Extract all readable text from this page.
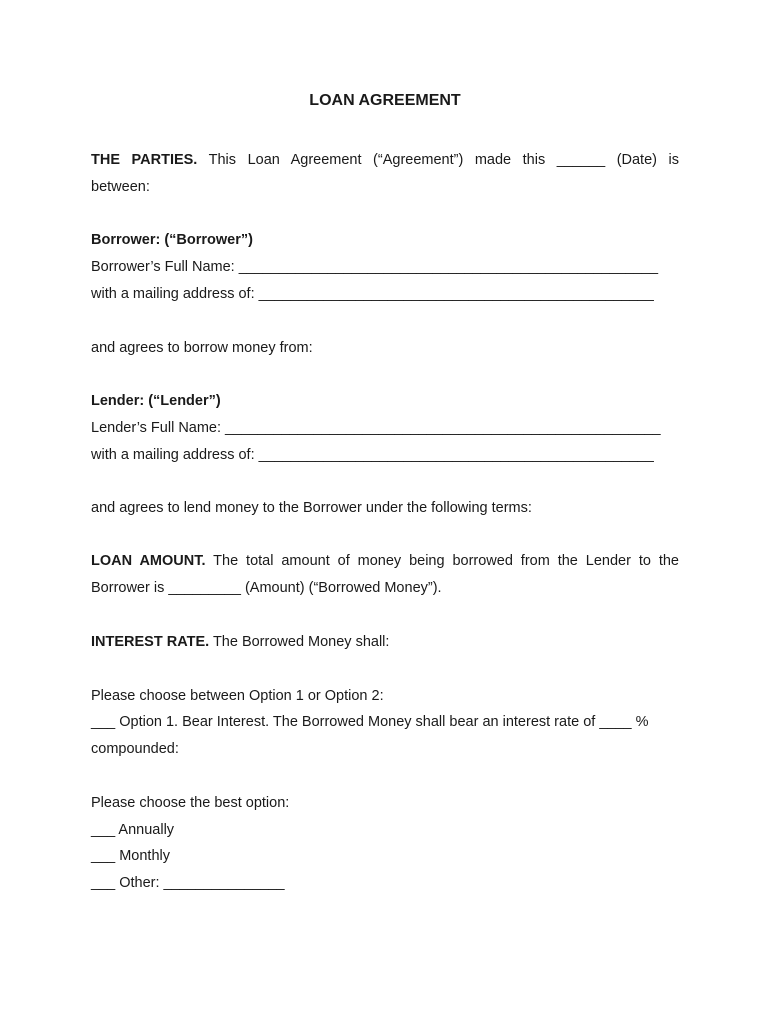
LOAN AGREEMENT

THE PARTIES. This Loan Agreement (“Agreement”) made this ______ (Date) is

between:

Borrower: (“Borrower”)

Borrower’s Full Name: ____________________________________________________

with a mailing address of: _________________________________________________

and agrees to borrow money from:

Lender: (“Lender”)

Lender’s Full Name: ______________________________________________________

with a mailing address of: _________________________________________________

and agrees to lend money to the Borrower under the following terms:

LOAN AMOUNT. The total amount of money being borrowed from the Lender to the

Borrower is _________ (Amount) (“Borrowed Money”).

INTEREST RATE. The Borrowed Money shall:

Please choose between Option 1 or Option 2:

___ Option 1. Bear Interest. The Borrowed Money shall bear an interest rate of ____ %

compounded:

Please choose the best option:

___ Annually

___ Monthly

___ Other: _______________
